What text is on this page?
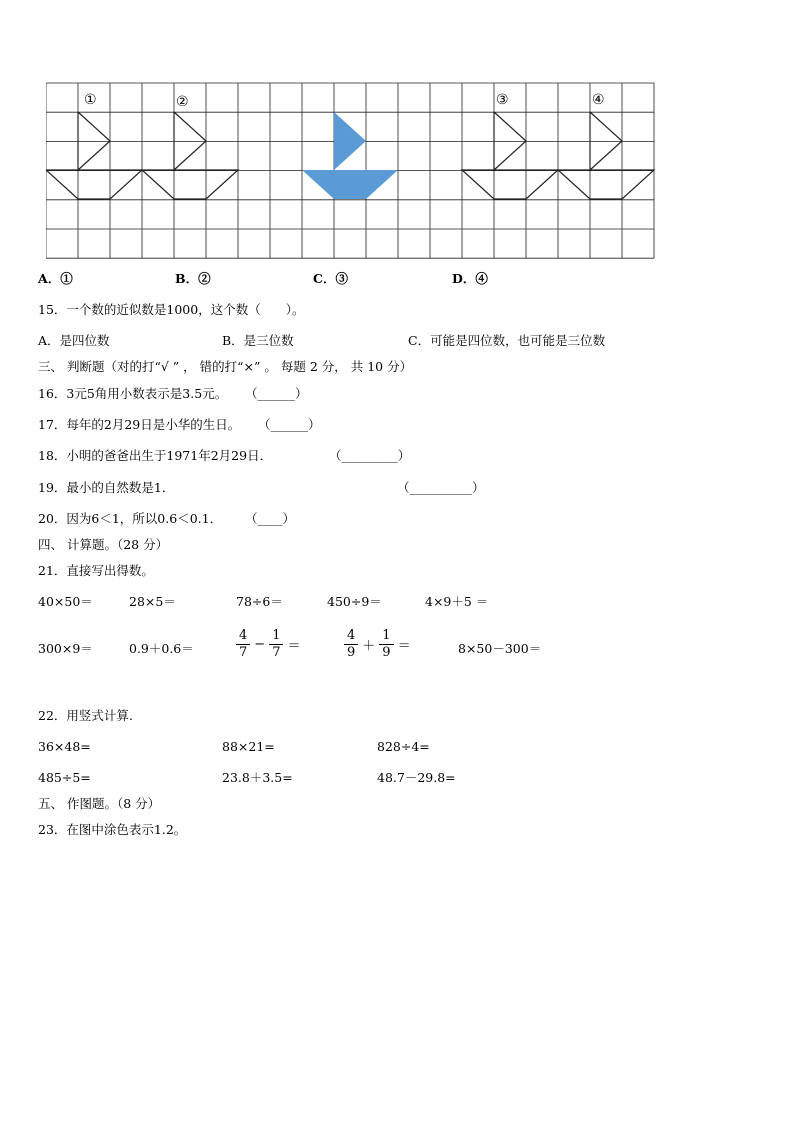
①	②	③	④
A．①	B．②	C．③	D．④
15．一个数的近似数是1000，这个数（　　）。
A．是四位数	B．是三位数	C．可能是四位数，也可能是三位数
三、 判断题（对的打“√ ” ， 错的打“×” 。 每题 2 分， 共 10 分）
16．3元5角用小数表示是3.5元。 （______）
17．每年的2月29日是小华的生日。 （______）
18．小明的爸爸出生于1971年2月29日．	（_________）
19．最小的自然数是1．	（__________）
20．因为6＜1，所以0.6＜0.1． （____）
四、 计算题。（28 分）
21．直接写出得数。
40×50＝	28×5＝	78÷6＝	450÷9＝	4×9＋5 ＝
300×9＝	0.9＋0.6＝	$\frac{4}{7} - \frac{1}{7}$ ＝	$\frac{4}{9} + \frac{1}{9}$ ＝	8×50－300＝
22．用竖式计算.
36×48=	88×21=	828÷4=
485÷5=	23.8＋3.5=	48.7－29.8=
五、 作图题。（8 分）
23．在图中涂色表示1.2。
